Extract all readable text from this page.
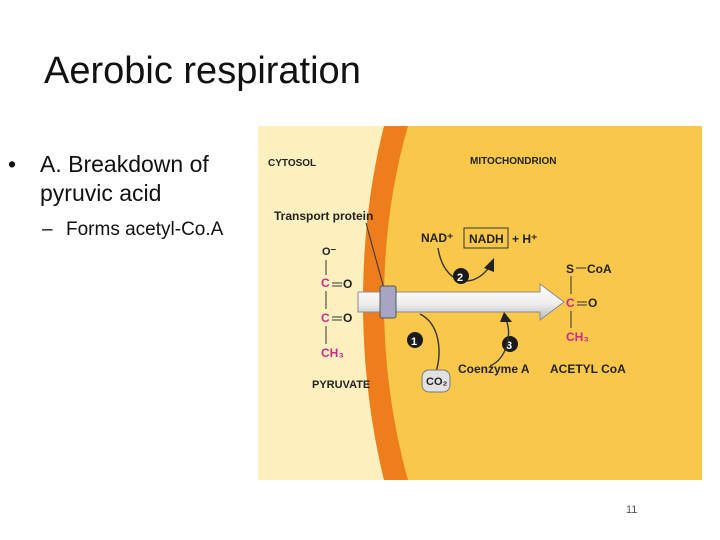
Aerobic respiration
• A. Breakdown of pyruvic acid
– Forms acetyl-Co.A
CYTOSOL	MITOCHONDRION
Transport protein
O⁻
C O
C O
CH₃
PYRUVATE
NAD⁺ NADH + H⁺
2
1	3
CO₂
Coenzyme A
S CoA
C O
CH₃
ACETYL CoA
11
